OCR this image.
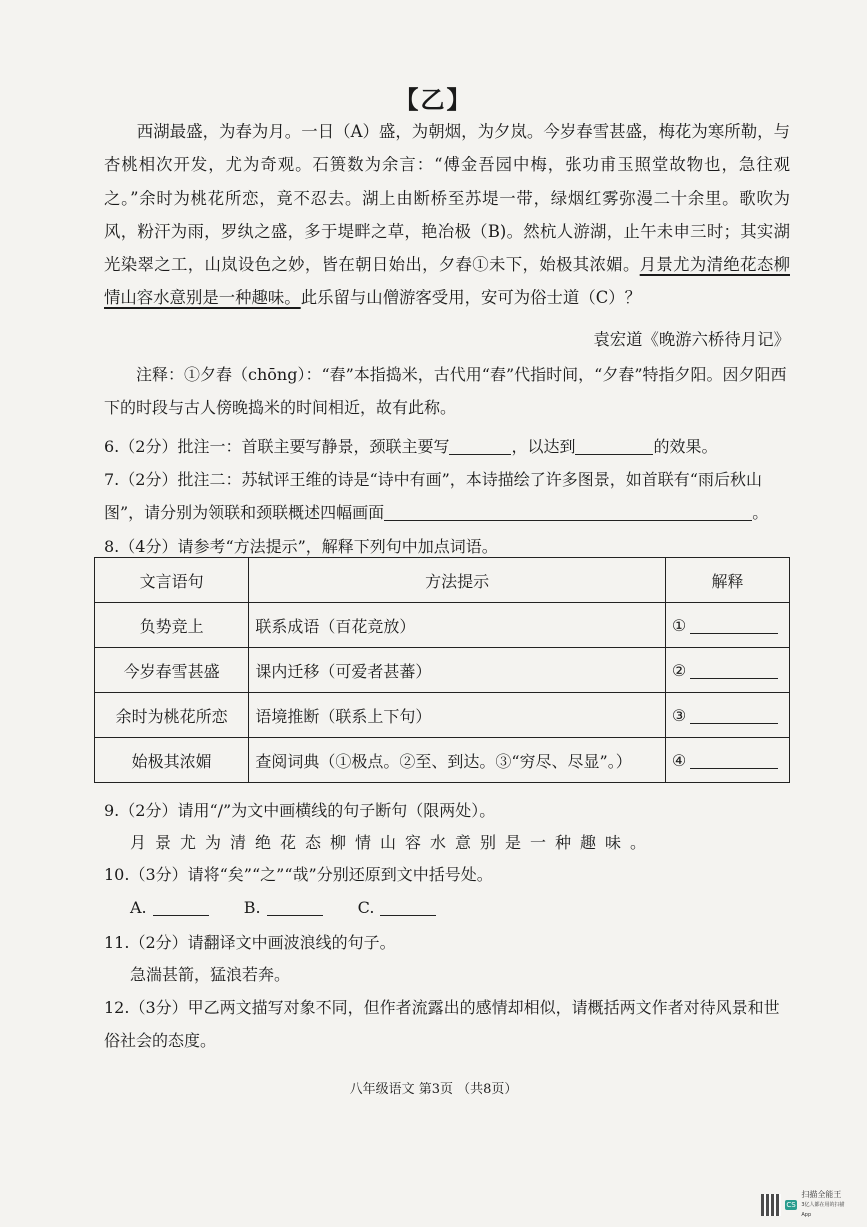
【乙】
西湖最盛，为春为月。一日（A）盛，为朝烟，为夕岚。今岁春雪甚盛，梅花为寒所勒，与杏桃相次开发，尤为奇观。石篑数为余言：“傅金吾园中梅，张功甫玉照堂故物也，急往观之。”余时为桃花所恋，竟不忍去。湖上由断桥至苏堤一带，绿烟红雾弥漫二十余里。歌吹为风，粉汗为雨，罗纨之盛，多于堤畔之草，艳冶极（B)。然杭人游湖，止午未申三时；其实湖光染翠之工，山岚设色之妙，皆在朝日始出，夕舂①未下，始极其浓媚。月景尤为清绝花态柳情山容水意别是一种趣味。此乐留与山僧游客受用，安可为俗士道（C）？
袁宏道《晚游六桥待月记》
注释：①夕舂（chōng）：“舂”本指捣米，古代用“舂”代指时间，“夕舂”特指夕阳。因夕阳西下的时段与古人傍晚捣米的时间相近，故有此称。
6.（2分）批注一：首联主要写静景，颈联主要写	，以达到	的效果。
7.（2分）批注二：苏轼评王维的诗是“诗中有画”，本诗描绘了许多图景，如首联有“雨后秋山
图”，请分别为领联和颈联概述四幅画面	。
8.（4分）请参考“方法提示”，解释下列句中加点词语。
文言语句	方法提示	解释
负势竞上	联系成语（百花竞放）	①
今岁春雪甚盛	课内迁移（可爱者甚蕃）	②
余时为桃花所恋	语境推断（联系上下句）	③
始极其浓媚	查阅词典（①极点。②至、到达。③“穷尽、尽显”。）	④
9.（2分）请用“/”为文中画横线的句子断句（限两处）。
月景尤为清绝花态柳情山容水意别是一种趣味。
10.（3分）请将“矣”“之”“哉”分别还原到文中括号处。
A.	B.	C.
11.（2分）请翻译文中画波浪线的句子。
急湍甚箭，猛浪若奔。
12.（3分）甲乙两文描写对象不同，但作者流露出的感情却相似，请概括两文作者对待风景和世
俗社会的态度。
八年级语文 第3页 （共8页）
CS
扫描全能王
3亿人都在用的扫描App
